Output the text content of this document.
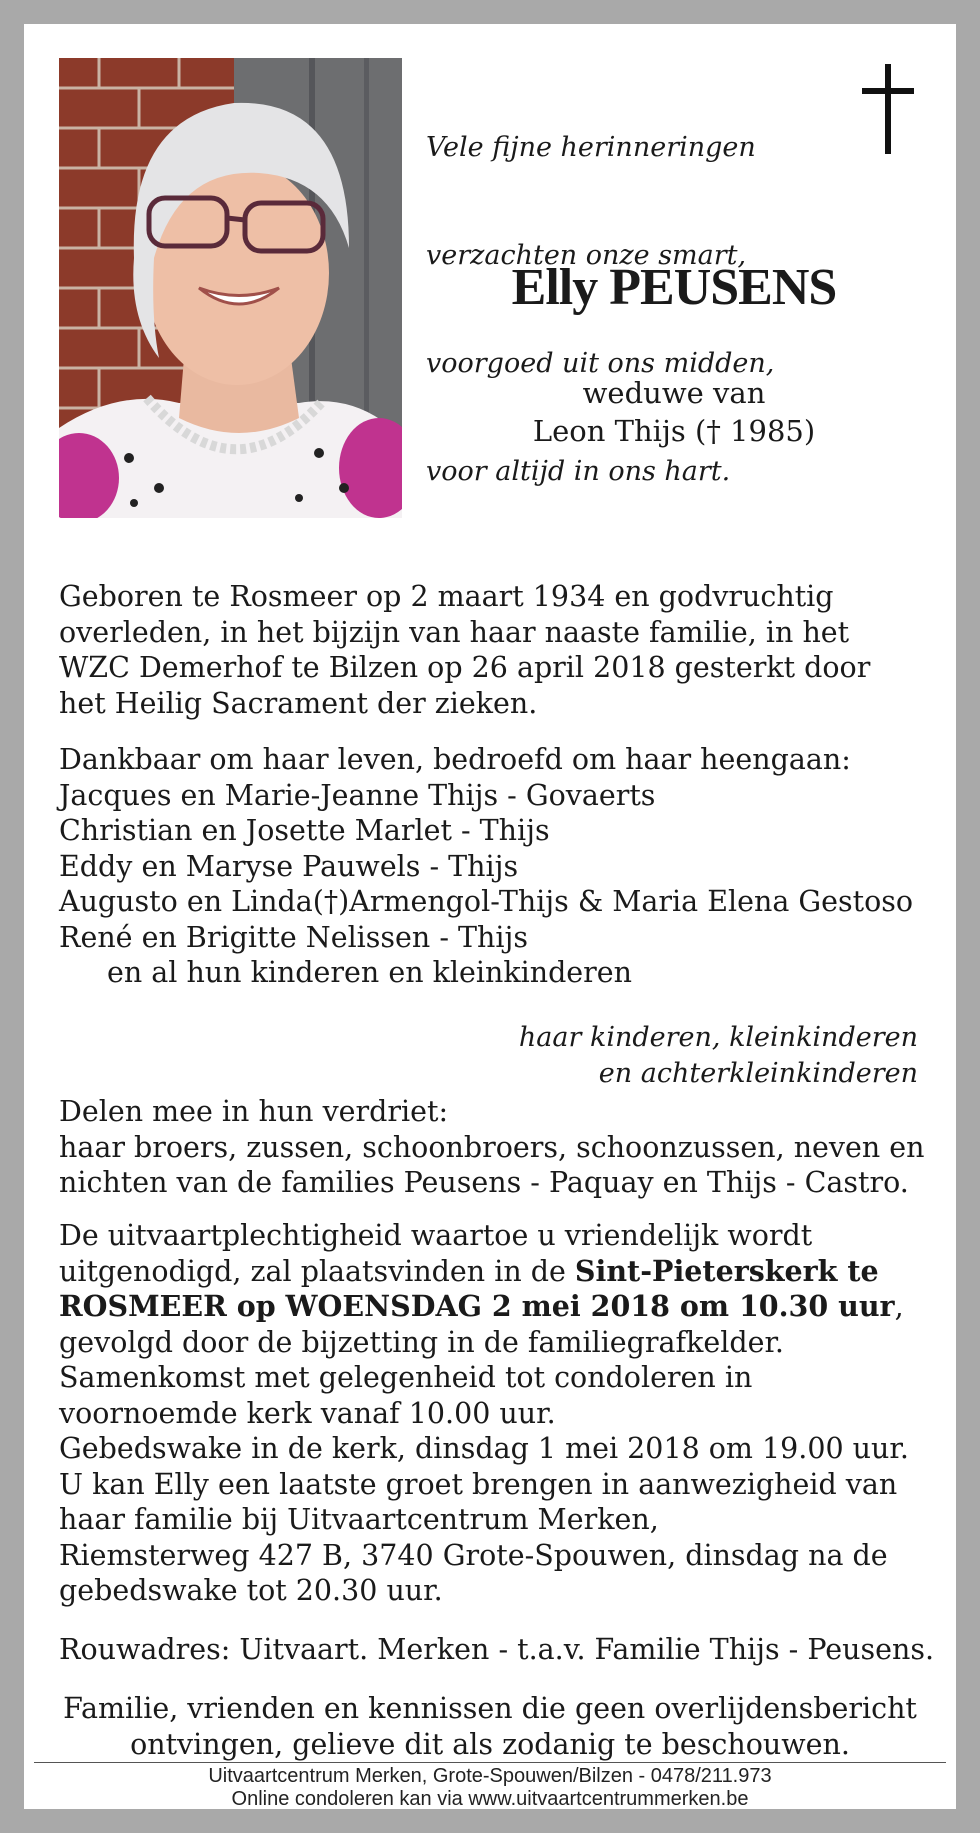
Vele fijne herinneringen

verzachten onze smart,

voorgoed uit ons midden,

voor altijd in ons hart.

Elly PEUSENS
weduwe van
Leon Thijs († 1985)

Geboren te Rosmeer op 2 maart 1934 en godvruchtig

overleden, in het bijzijn van haar naaste familie, in het

WZC Demerhof te Bilzen op 26 april 2018 gesterkt door

het Heilig Sacrament der zieken.

Dankbaar om haar leven, bedroefd om haar heengaan:

Jacques en Marie-Jeanne Thijs - Govaerts

Christian en Josette Marlet - Thijs

Eddy en Maryse Pauwels - Thijs

Augusto en Linda(†)Armengol-Thijs & Maria Elena Gestoso

René en Brigitte Nelissen - Thijs

en al hun kinderen en kleinkinderen

haar kinderen, kleinkinderen
en achterkleinkinderen

Delen mee in hun verdriet:

haar broers, zussen, schoonbroers, schoonzussen, neven en

nichten van de families Peusens - Paquay en Thijs - Castro.

De uitvaartplechtigheid waartoe u vriendelijk wordt

uitgenodigd, zal plaatsvinden in de Sint-Pieterskerk te

ROSMEER op WOENSDAG 2 mei 2018 om 10.30 uur,

gevolgd door de bijzetting in de familiegrafkelder.

Samenkomst met gelegenheid tot condoleren in

voornoemde kerk vanaf 10.00 uur.

Gebedswake in de kerk, dinsdag 1 mei 2018 om 19.00 uur.

U kan Elly een laatste groet brengen in aanwezigheid van

haar familie bij Uitvaartcentrum Merken,

Riemsterweg 427 B, 3740 Grote-Spouwen, dinsdag na de

gebedswake tot 20.30 uur.

Rouwadres: Uitvaart. Merken - t.a.v. Familie Thijs - Peusens.

Familie, vrienden en kennissen die geen overlijdensbericht
ontvingen, gelieve dit als zodanig te beschouwen.
Uitvaartcentrum Merken, Grote-Spouwen/Bilzen - 0478/211.973
Online condoleren kan via www.uitvaartcentrummerken.be
